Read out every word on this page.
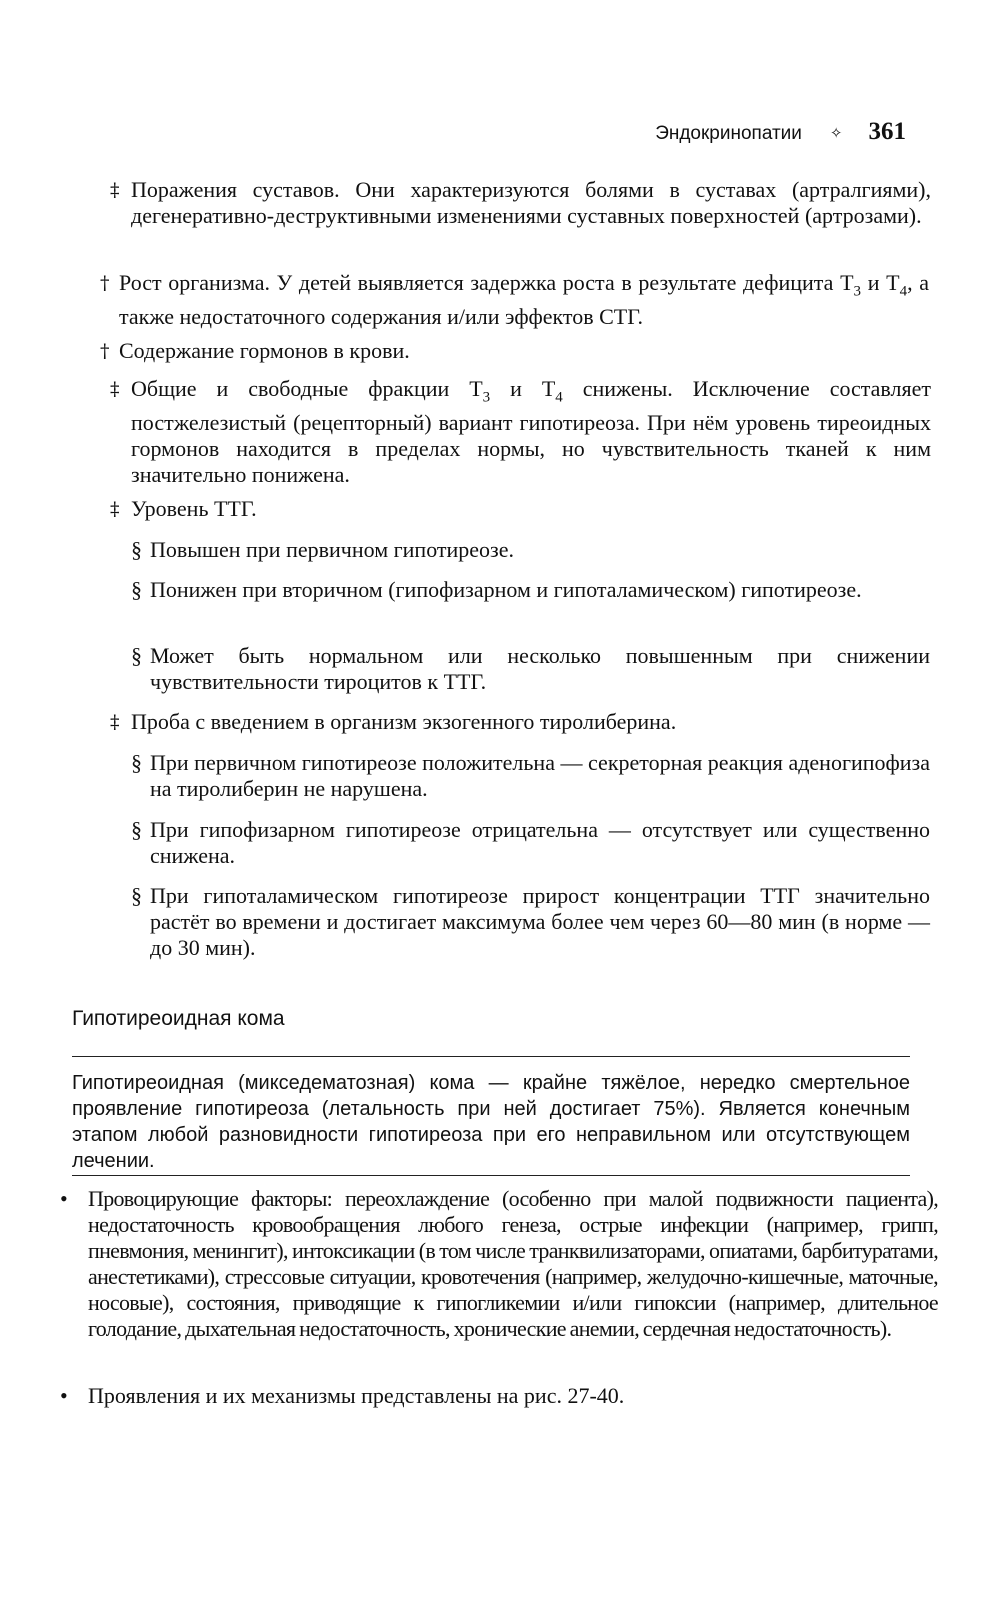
Эндокринопатии ✧ 361
‡ Поражения суставов. Они характеризуются болями в суставах (артралгиями), дегенеративно-деструктивными изменениями суставных поверхностей (артрозами).
† Рост организма. У детей выявляется задержка роста в результате дефицита $T_3$ и $T_4$, а также недостаточного содержания и/или эффектов СТГ.
† Содержание гормонов в крови.
‡ Общие и свободные фракции $T_3$ и $T_4$ снижены. Исключение составляет постжелезистый (рецепторный) вариант гипотиреоза. При нём уровень тиреоидных гормонов находится в пределах нормы, но чувствительность тканей к ним значительно понижена.
‡ Уровень ТТГ.
§ Повышен при первичном гипотиреозе.
§ Понижен при вторичном (гипофизарном и гипоталамическом) гипотиреозе.
§ Может быть нормальном или несколько повышенным при снижении чувствительности тироцитов к ТТГ.
‡ Проба с введением в организм экзогенного тиролиберина.
§ При первичном гипотиреозе положительна — секреторная реакция аденогипофиза на тиролиберин не нарушена.
§ При гипофизарном гипотиреозе отрицательна — отсутствует или существенно снижена.
§ При гипоталамическом гипотиреозе прирост концентрации ТТГ значительно растёт во времени и достигает максимума более чем через 60—80 мин (в норме — до 30 мин).
Гипотиреоидная кома
Гипотиреоидная (микседематозная) кома — крайне тяжёлое, нередко смертельное проявление гипотиреоза (летальность при ней достигает 75%). Является конечным этапом любой разновидности гипотиреоза при его неправильном или отсутствующем лечении.
• Провоцирующие факторы: переохлаждение (особенно при малой подвижности пациента), недостаточность кровообращения любого генеза, острые инфекции (например, грипп, пневмония, менингит), интоксикации (в том числе транквилизаторами, опиатами, барбитуратами, анестетиками), стрессовые ситуации, кровотечения (например, желудочно-кишечные, маточные, носовые), состояния, приводящие к гипогликемии и/или гипоксии (например, длительное голодание, дыхательная недостаточность, хронические анемии, сердечная недостаточность).
• Проявления и их механизмы представлены на рис. 27-40.
